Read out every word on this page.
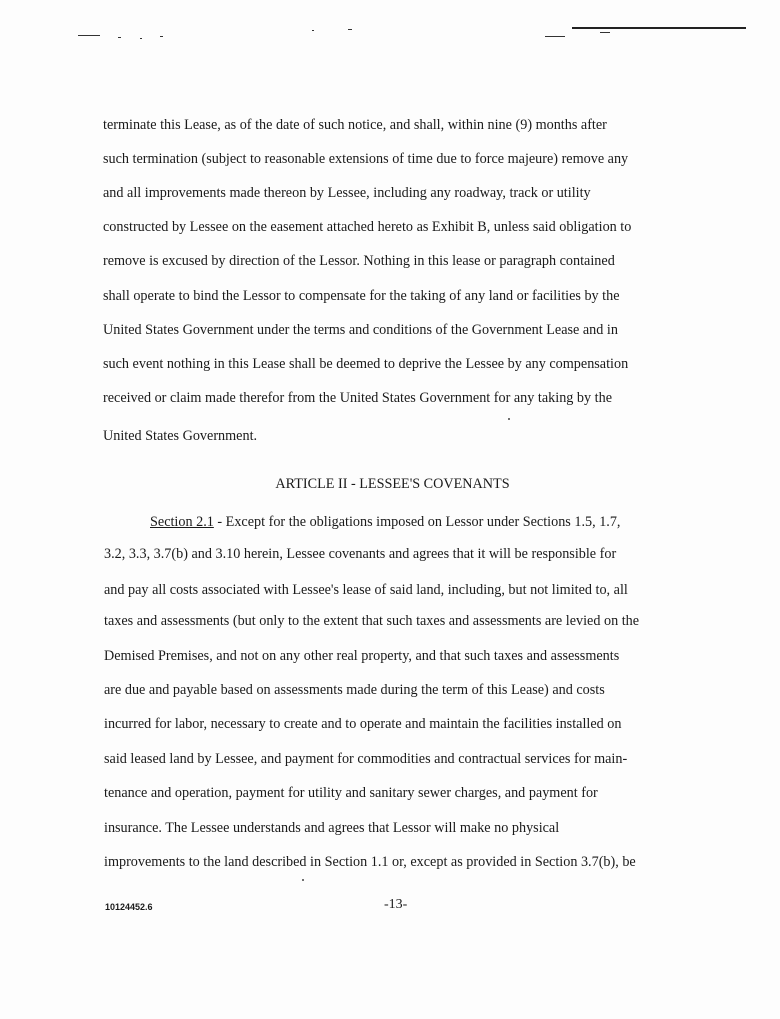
terminate this Lease, as of the date of such notice, and shall, within nine (9) months after
such termination (subject to reasonable extensions of time due to force majeure) remove any
and all improvements made thereon by Lessee, including any roadway, track or utility
constructed by Lessee on the easement attached hereto as Exhibit B, unless said obligation to
remove is excused by direction of the Lessor. Nothing in this lease or paragraph contained
shall operate to bind the Lessor to compensate for the taking of any land or facilities by the
United States Government under the terms and conditions of the Government Lease and in
such event nothing in this Lease shall be deemed to deprive the Lessee by any compensation
received or claim made therefor from the United States Government for any taking by the
United States Government.
ARTICLE II - LESSEE'S COVENANTS
Section 2.1 - Except for the obligations imposed on Lessor under Sections 1.5, 1.7,
3.2, 3.3, 3.7(b) and 3.10 herein, Lessee covenants and agrees that it will be responsible for
and pay all costs associated with Lessee's lease of said land, including, but not limited to, all
taxes and assessments (but only to the extent that such taxes and assessments are levied on the
Demised Premises, and not on any other real property, and that such taxes and assessments
are due and payable based on assessments made during the term of this Lease) and costs
incurred for labor, necessary to create and to operate and maintain the facilities installed on
said leased land by Lessee, and payment for commodities and contractual services for main-
tenance and operation, payment for utility and sanitary sewer charges, and payment for
insurance. The Lessee understands and agrees that Lessor will make no physical
improvements to the land described in Section 1.1 or, except as provided in Section 3.7(b), be
10124452.6	-13-
